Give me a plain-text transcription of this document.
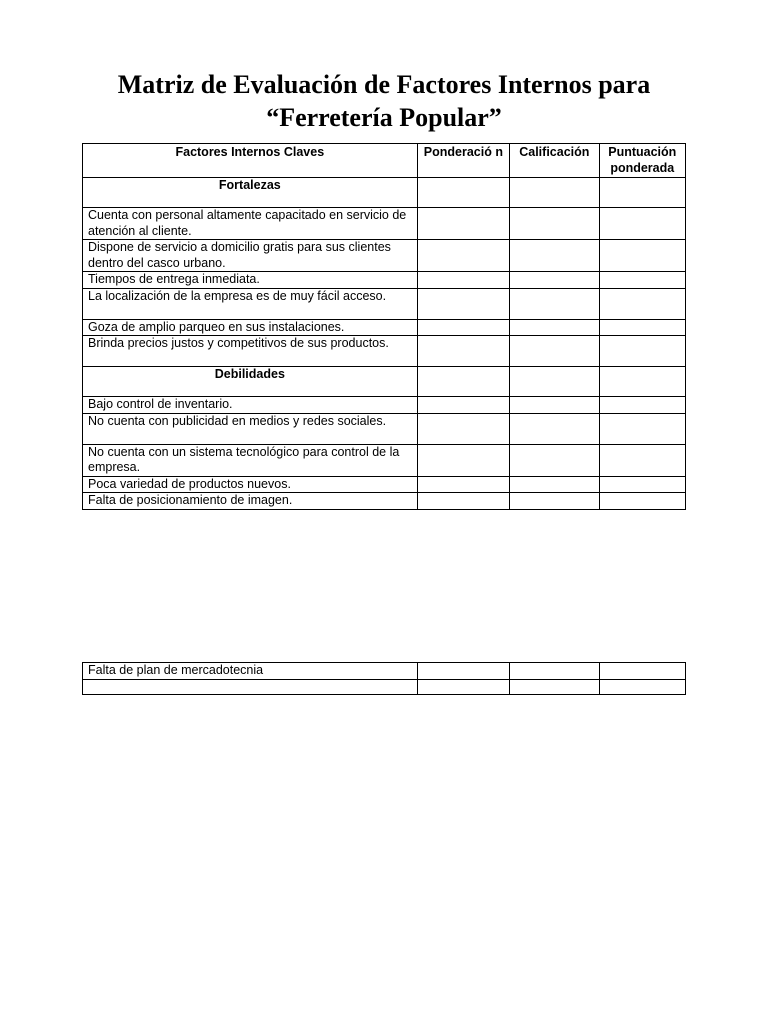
Matriz de Evaluación de Factores Internos para
“Ferretería Popular”
Factores Internos Claves	Ponderació n	Calificación	Puntuación ponderada
Fortalezas			
Cuenta con personal altamente capacitado en servicio de atención al cliente.			
Dispone de servicio a domicilio gratis para sus clientes dentro del casco urbano.			
Tiempos de entrega inmediata.			
La localización de la empresa es de muy fácil acceso.			
Goza de amplio parqueo en sus instalaciones.			
Brinda precios justos y competitivos de sus productos.			
Debilidades			
Bajo control de inventario.			
No cuenta con publicidad en medios y redes sociales.			
No cuenta con un sistema tecnológico para control de la empresa.			
Poca variedad de productos nuevos.			
Falta de posicionamiento de imagen.			
Falta de plan de mercadotecnia			
